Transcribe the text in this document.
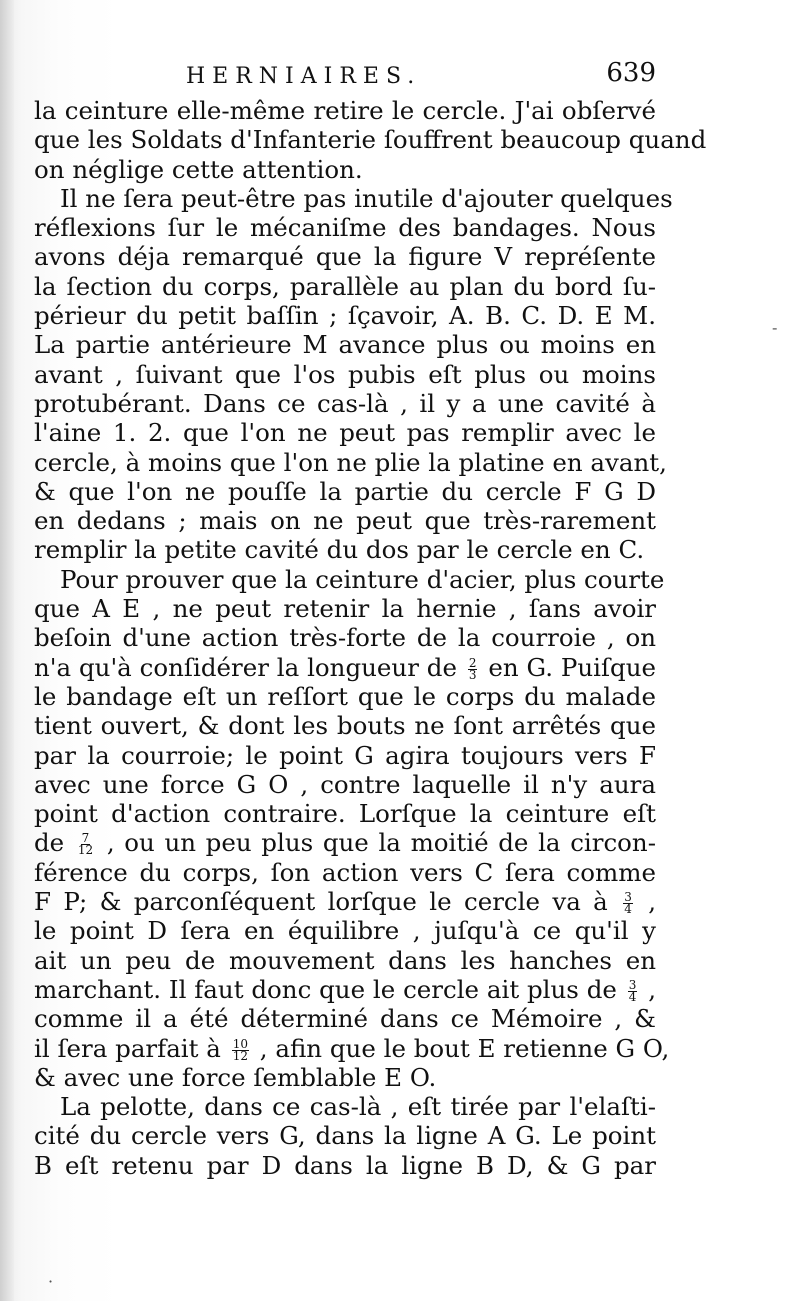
HERNIAIRES.	639
la ceinture elle-même retire le cercle. J'ai obſervé
que les Soldats d'Infanterie ſouffrent beaucoup quand
on néglige cette attention.
Il ne ſera peut-être pas inutile d'ajouter quelques
réflexions ſur le mécaniſme des bandages. Nous
avons déja remarqué que la figure V repréſente
la ſection du corps, parallèle au plan du bord ſu-
périeur du petit baſſin ; ſçavoir, A. B. C. D. E M.
La partie antérieure M avance plus ou moins en
avant , ſuivant que l'os pubis eſt plus ou moins
protubérant. Dans ce cas-là , il y a une cavité à
l'aine 1. 2. que l'on ne peut pas remplir avec le
cercle, à moins que l'on ne plie la platine en avant,
& que l'on ne pouſſe la partie du cercle F G D
en dedans ; mais on ne peut que très-rarement
remplir la petite cavité du dos par le cercle en C.
Pour prouver que la ceinture d'acier, plus courte
que A E , ne peut retenir la hernie , ſans avoir
beſoin d'une action très-forte de la courroie , on
n'a qu'à conſidérer la longueur de $\frac{2}{3}$ en G. Puiſque
le bandage eſt un reſſort que le corps du malade
tient ouvert, & dont les bouts ne ſont arrêtés que
par la courroie; le point G agira toujours vers F
avec une force G O , contre laquelle il n'y aura
point d'action contraire. Lorſque la ceinture eſt
de $\frac{7}{12}$ , ou un peu plus que la moitié de la circon-
férence du corps, ſon action vers C ſera comme
F P; & parconſéquent lorſque le cercle va à $\frac{3}{4}$ ,
le point D ſera en équilibre , juſqu'à ce qu'il y
ait un peu de mouvement dans les hanches en
marchant. Il faut donc que le cercle ait plus de $\frac{3}{4}$ ,
comme il a été déterminé dans ce Mémoire , &
il ſera parfait à $\frac{10}{12}$ , afin que le bout E retienne G O,
& avec une force ſemblable E O.
La pelotte, dans ce cas-là , eſt tirée par l'elaſti-
cité du cercle vers G, dans la ligne A G. Le point
B eſt retenu par D dans la ligne B D, & G par
-
·
